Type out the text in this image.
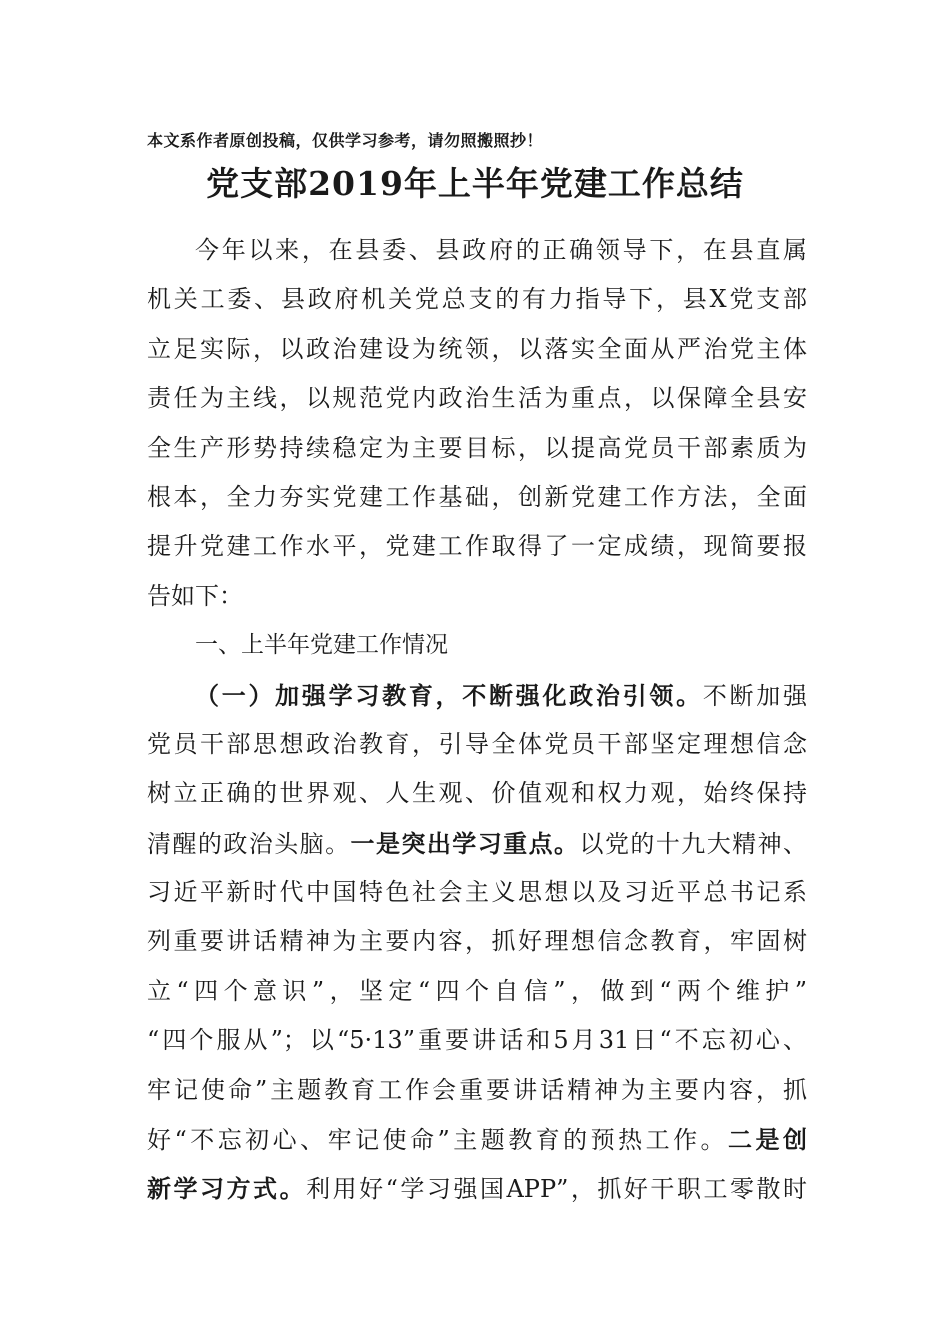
本文系作者原创投稿，仅供学习参考，请勿照搬照抄！
党支部2019年上半年党建工作总结
今年以来，在县委、县政府的正确领导下，在县直属
机关工委、县政府机关党总支的有力指导下，县X党支部
立足实际，以政治建设为统领，以落实全面从严治党主体
责任为主线，以规范党内政治生活为重点，以保障全县安
全生产形势持续稳定为主要目标，以提高党员干部素质为
根本，全力夯实党建工作基础，创新党建工作方法，全面
提升党建工作水平，党建工作取得了一定成绩，现简要报
告如下：
一、上半年党建工作情况
（一）加强学习教育，不断强化政治引领。不断加强
党员干部思想政治教育，引导全体党员干部坚定理想信念
树立正确的世界观、人生观、价值观和权力观，始终保持
清醒的政治头脑。一是突出学习重点。以党的十九大精神、
习近平新时代中国特色社会主义思想以及习近平总书记系
列重要讲话精神为主要内容，抓好理想信念教育，牢固树
立“四个意识”，坚定“四个自信”，做到“两个维护”
“四个服从”；以“5·13”重要讲话和5月31日“不忘初心、
牢记使命”主题教育工作会重要讲话精神为主要内容，抓
好“不忘初心、牢记使命”主题教育的预热工作。二是创
新学习方式。利用好“学习强国APP”，抓好干职工零散时
